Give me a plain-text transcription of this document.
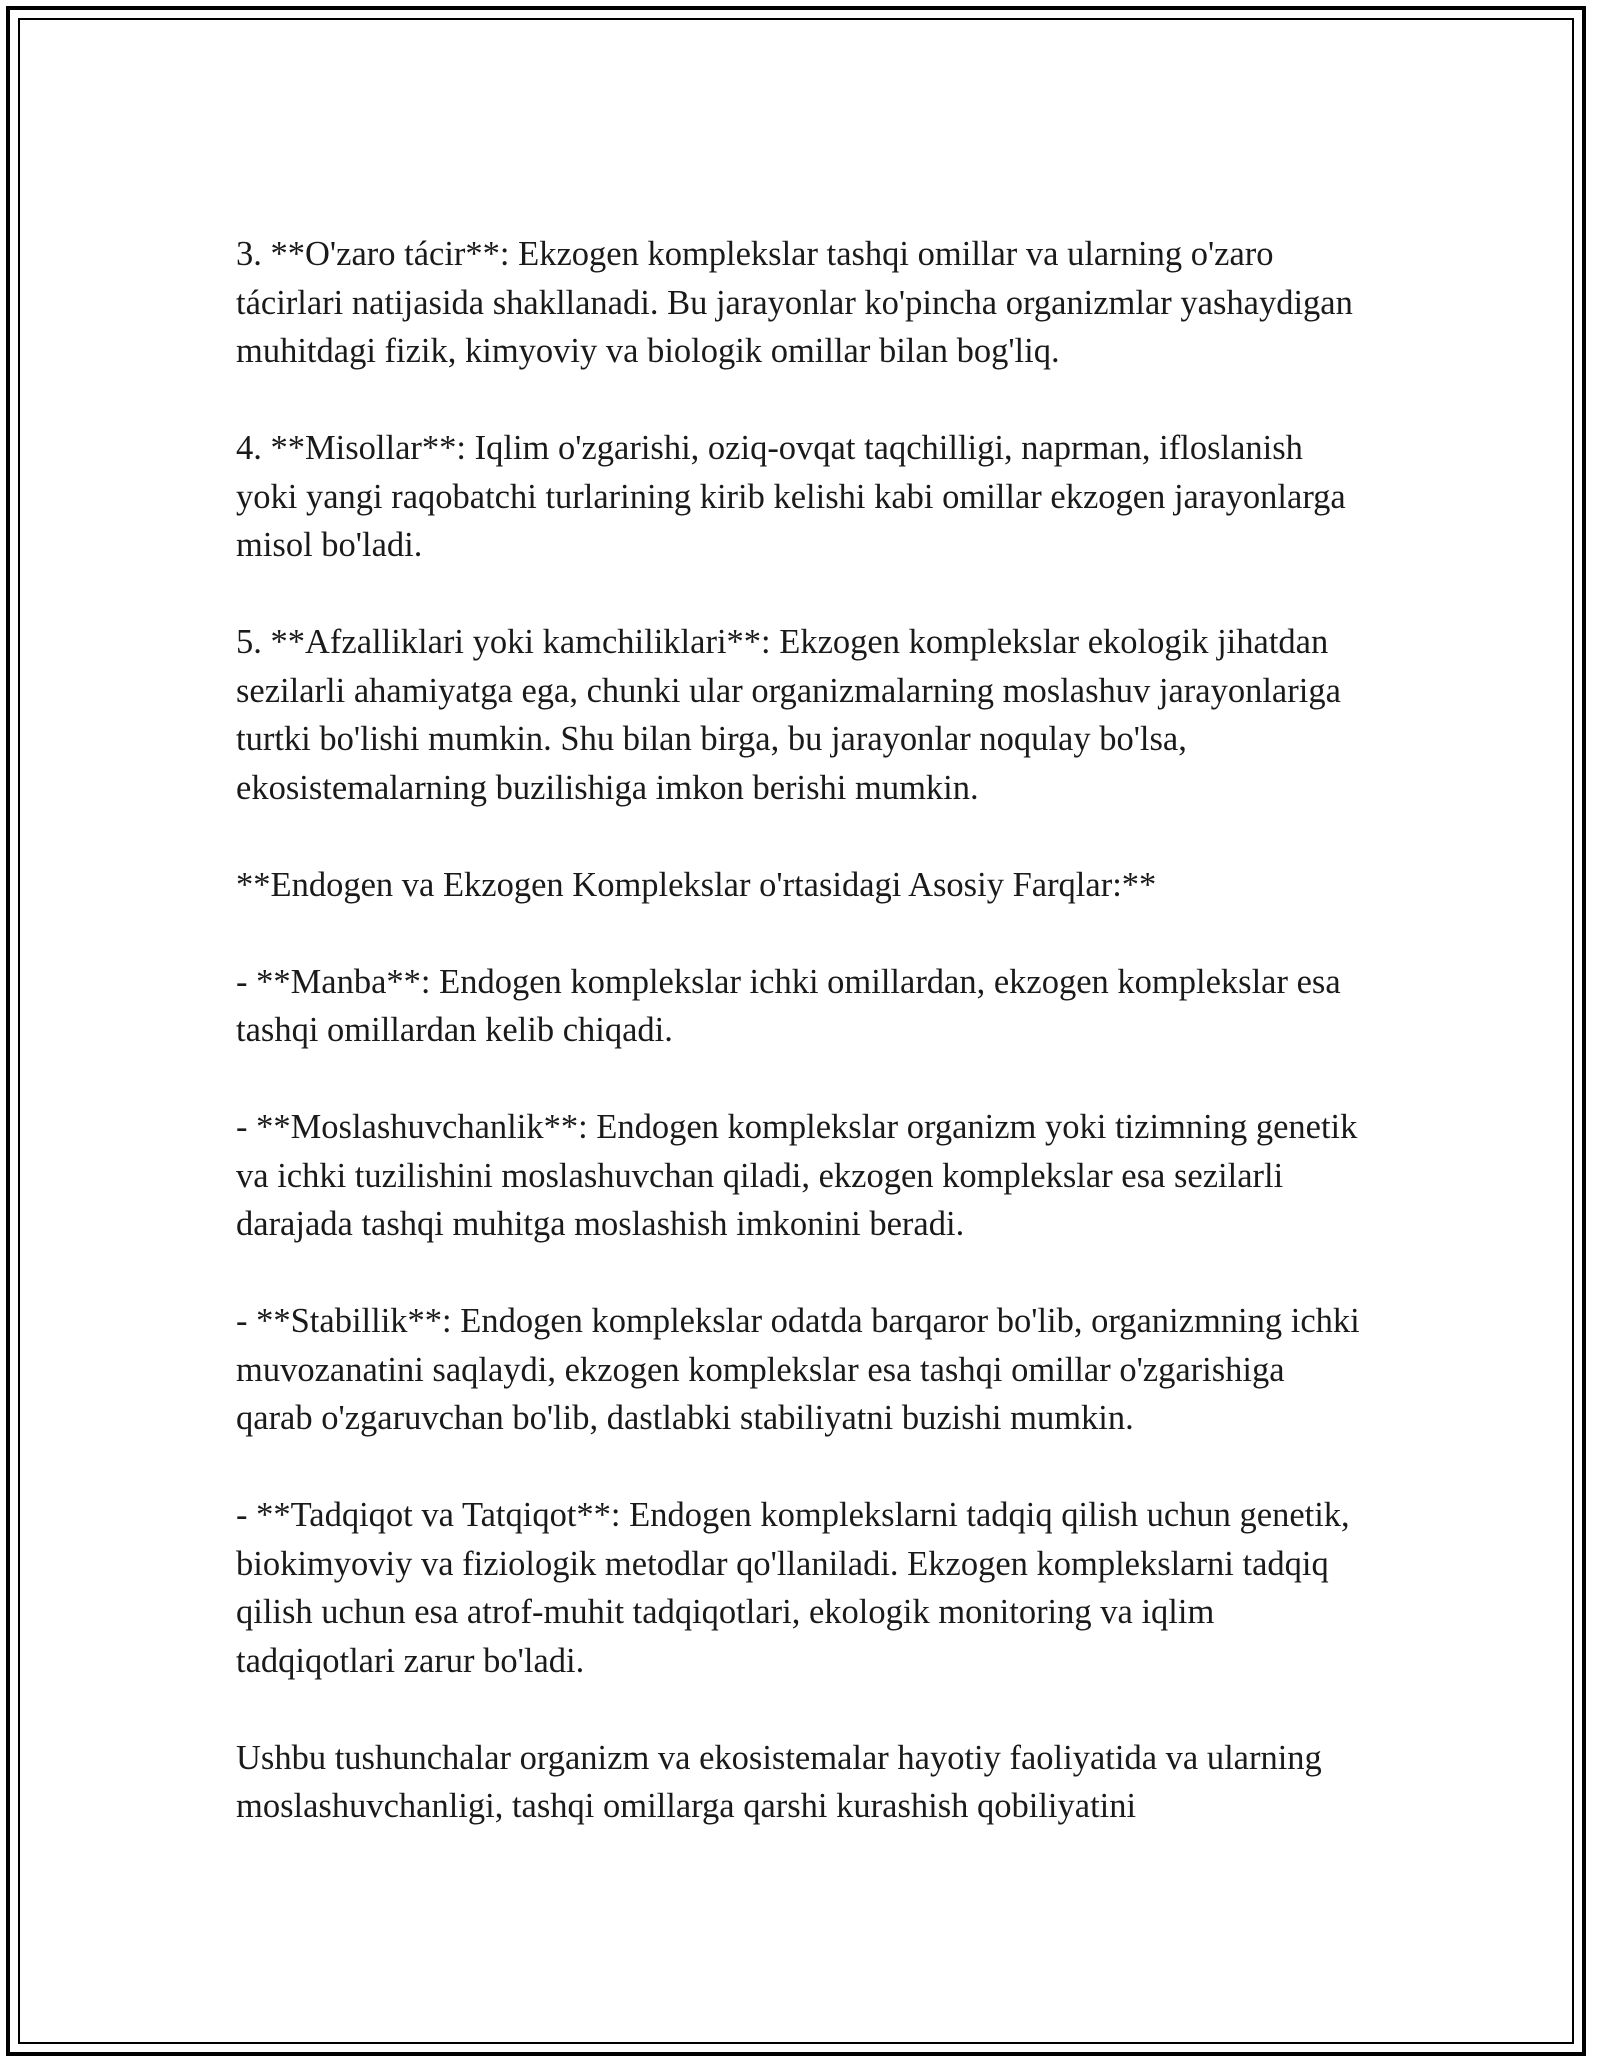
3. **O'zaro tácir**: Ekzogen komplekslar tashqi omillar va ularning o'zaro tácirlari natijasida shakllanadi. Bu jarayonlar ko'pincha organizmlar yashaydigan muhitdagi fizik, kimyoviy va biologik omillar bilan bog'liq.

4. **Misollar**: Iqlim o'zgarishi, oziq-ovqat taqchilligi, naprman, ifloslanish yoki yangi raqobatchi turlarining kirib kelishi kabi omillar ekzogen jarayonlarga misol bo'ladi.

5. **Afzalliklari yoki kamchiliklari**: Ekzogen komplekslar ekologik jihatdan sezilarli ahamiyatga ega, chunki ular organizmalarning moslashuv jarayonlariga turtki bo'lishi mumkin. Shu bilan birga, bu jarayonlar noqulay bo'lsa, ekosistemalarning buzilishiga imkon berishi mumkin.

**Endogen va Ekzogen Komplekslar o'rtasidagi Asosiy Farqlar:**

- **Manba**: Endogen komplekslar ichki omillardan, ekzogen komplekslar esa tashqi omillardan kelib chiqadi.

- **Moslashuvchanlik**: Endogen komplekslar organizm yoki tizimning genetik va ichki tuzilishini moslashuvchan qiladi, ekzogen komplekslar esa sezilarli darajada tashqi muhitga moslashish imkonini beradi.

- **Stabillik**: Endogen komplekslar odatda barqaror bo'lib, organizmning ichki muvozanatini saqlaydi, ekzogen komplekslar esa tashqi omillar o'zgarishiga qarab o'zgaruvchan bo'lib, dastlabki stabiliyatni buzishi mumkin.

- **Tadqiqot va Tatqiqot**: Endogen komplekslarni tadqiq qilish uchun genetik, biokimyoviy va fiziologik metodlar qo'llaniladi. Ekzogen komplekslarni tadqiq qilish uchun esa atrof-muhit tadqiqotlari, ekologik monitoring va iqlim tadqiqotlari zarur bo'ladi.

Ushbu tushunchalar organizm va ekosistemalar hayotiy faoliyatida va ularning moslashuvchanligi, tashqi omillarga qarshi kurashish qobiliyatini
